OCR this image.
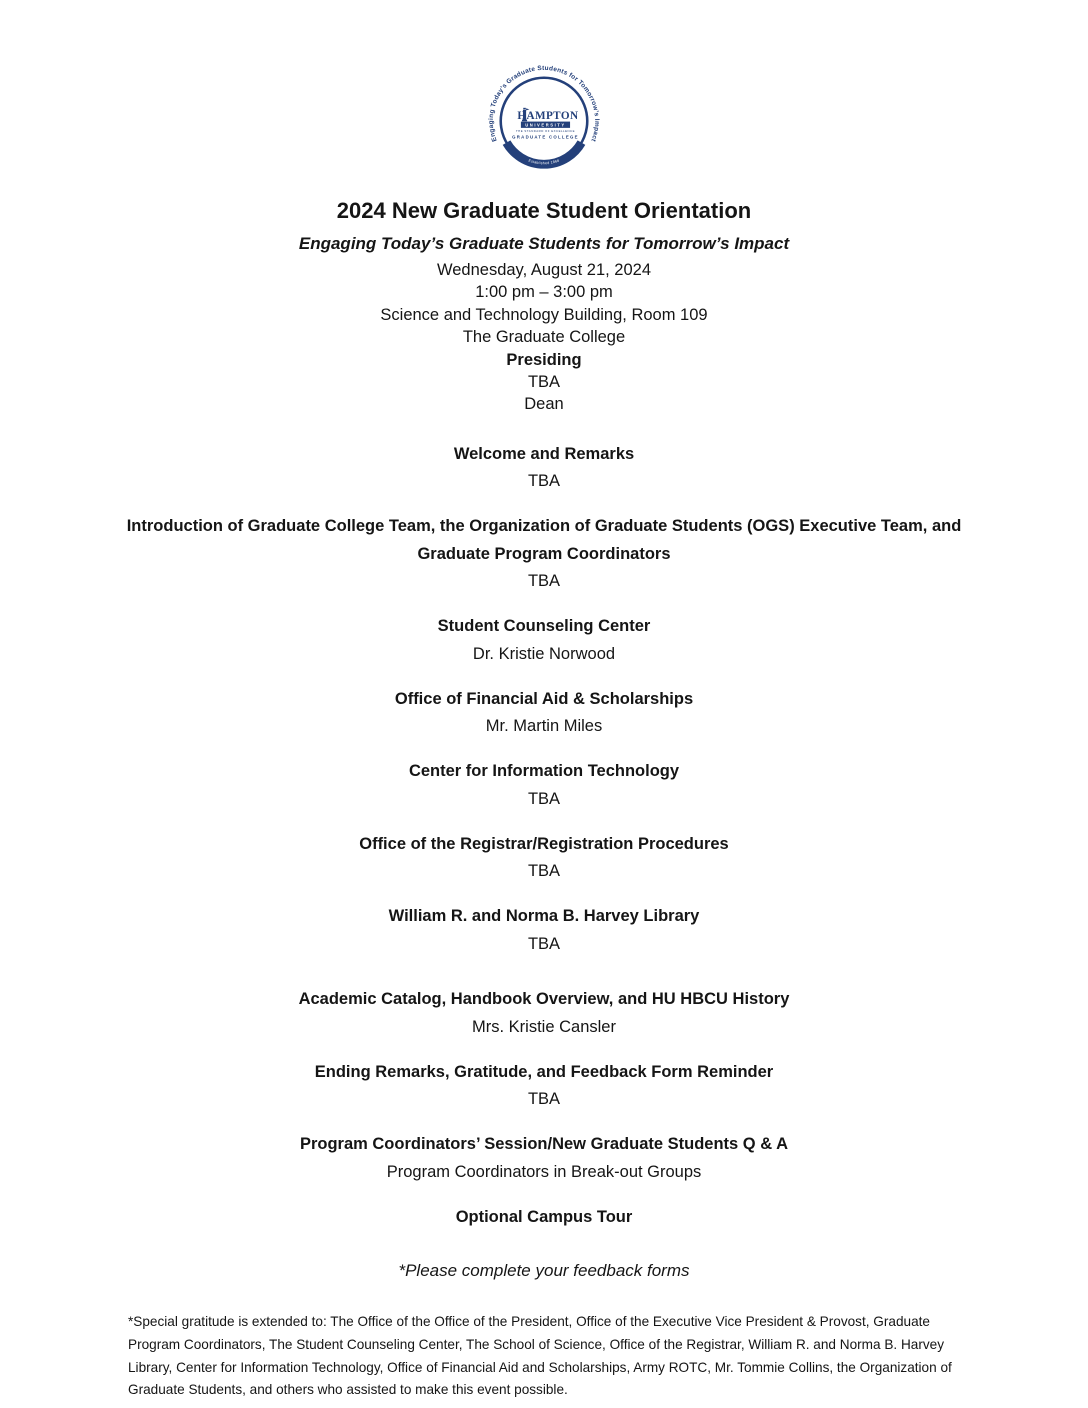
Engaging Today’s Graduate Students for Tomorrow’s Impact
Established 1868
HAMPTON
UNIVERSITY
THE STANDARD OF EXCELLENCE
GRADUATE COLLEGE
2024 New Graduate Student Orientation
Engaging Today’s Graduate Students for Tomorrow’s Impact
Wednesday, August 21, 2024
1:00 pm – 3:00 pm
Science and Technology Building, Room 109
The Graduate College
Presiding
TBA
Dean
Welcome and Remarks
TBA
Introduction of Graduate College Team, the Organization of Graduate Students (OGS) Executive Team, and Graduate Program Coordinators
TBA
Student Counseling Center
Dr. Kristie Norwood
Office of Financial Aid & Scholarships
Mr. Martin Miles
Center for Information Technology
TBA
Office of the Registrar/Registration Procedures
TBA
William R. and Norma B. Harvey Library
TBA
Academic Catalog, Handbook Overview, and HU HBCU History
Mrs. Kristie Cansler
Ending Remarks, Gratitude, and Feedback Form Reminder
TBA
Program Coordinators’ Session/New Graduate Students Q & A
Program Coordinators in Break-out Groups
Optional Campus Tour
*Please complete your feedback forms
*Special gratitude is extended to: The Office of the Office of the President, Office of the Executive Vice President & Provost, Graduate Program Coordinators, The Student Counseling Center, The School of Science, Office of the Registrar, William R. and Norma B. Harvey Library, Center for Information Technology, Office of Financial Aid and Scholarships, Army ROTC, Mr. Tommie Collins, the Organization of Graduate Students, and others who assisted to make this event possible.
